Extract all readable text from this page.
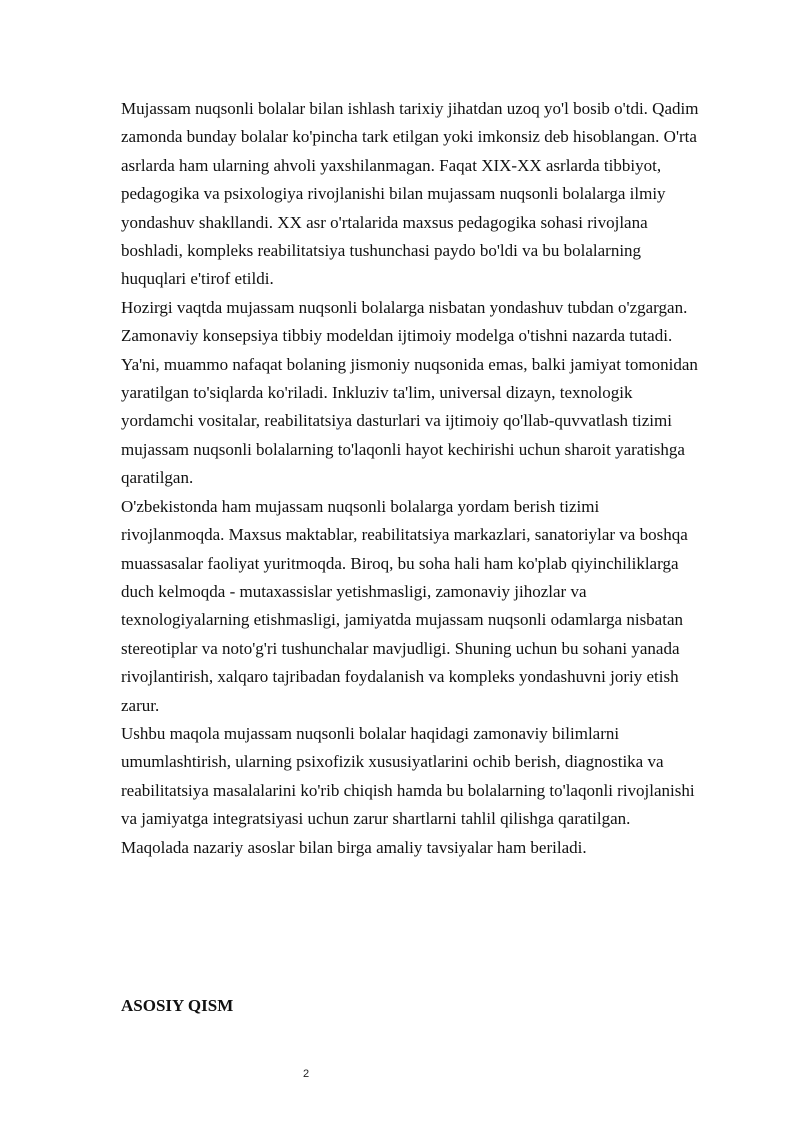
Mujassam nuqsonli bolalar bilan ishlash tarixiy jihatdan uzoq yo'l bosib o'tdi. Qadim zamonda bunday bolalar ko'pincha tark etilgan yoki imkonsiz deb hisoblangan. O'rta asrlarda ham ularning ahvoli yaxshilanmagan. Faqat XIX-XX asrlarda tibbiyot, pedagogika va psixologiya rivojlanishi bilan mujassam nuqsonli bolalarga ilmiy yondashuv shakllandi. XX asr o'rtalarida maxsus pedagogika sohasi rivojlana boshladi, kompleks reabilitatsiya tushunchasi paydo bo'ldi va bu bolalarning huquqlari e'tirof etildi.

Hozirgi vaqtda mujassam nuqsonli bolalarga nisbatan yondashuv tubdan o'zgargan. Zamonaviy konsepsiya tibbiy modeldan ijtimoiy modelga o'tishni nazarda tutadi. Ya'ni, muammo nafaqat bolaning jismoniy nuqsonida emas, balki jamiyat tomonidan yaratilgan to'siqlarda ko'riladi. Inkluziv ta'lim, universal dizayn, texnologik yordamchi vositalar, reabilitatsiya dasturlari va ijtimoiy qo'llab-quvvatlash tizimi mujassam nuqsonli bolalarning to'laqonli hayot kechirishi uchun sharoit yaratishga qaratilgan.

O'zbekistonda ham mujassam nuqsonli bolalarga yordam berish tizimi rivojlanmoqda. Maxsus maktablar, reabilitatsiya markazlari, sanatoriylar va boshqa muassasalar faoliyat yuritmoqda. Biroq, bu soha hali ham ko'plab qiyinchiliklarga duch kelmoqda - mutaxassislar yetishmasligi, zamonaviy jihozlar va texnologiyalarning etishmasligi, jamiyatda mujassam nuqsonli odamlarga nisbatan stereotiplar va noto'g'ri tushunchalar mavjudligi. Shuning uchun bu sohani yanada rivojlantirish, xalqaro tajribadan foydalanish va kompleks yondashuvni joriy etish zarur.

Ushbu maqola mujassam nuqsonli bolalar haqidagi zamonaviy bilimlarni umumlashtirish, ularning psixofizik xususiyatlarini ochib berish, diagnostika va reabilitatsiya masalalarini ko'rib chiqish hamda bu bolalarning to'laqonli rivojlanishi va jamiyatga integratsiyasi uchun zarur shartlarni tahlil qilishga qaratilgan. Maqolada nazariy asoslar bilan birga amaliy tavsiyalar ham beriladi.

ASOSIY QISM

2
